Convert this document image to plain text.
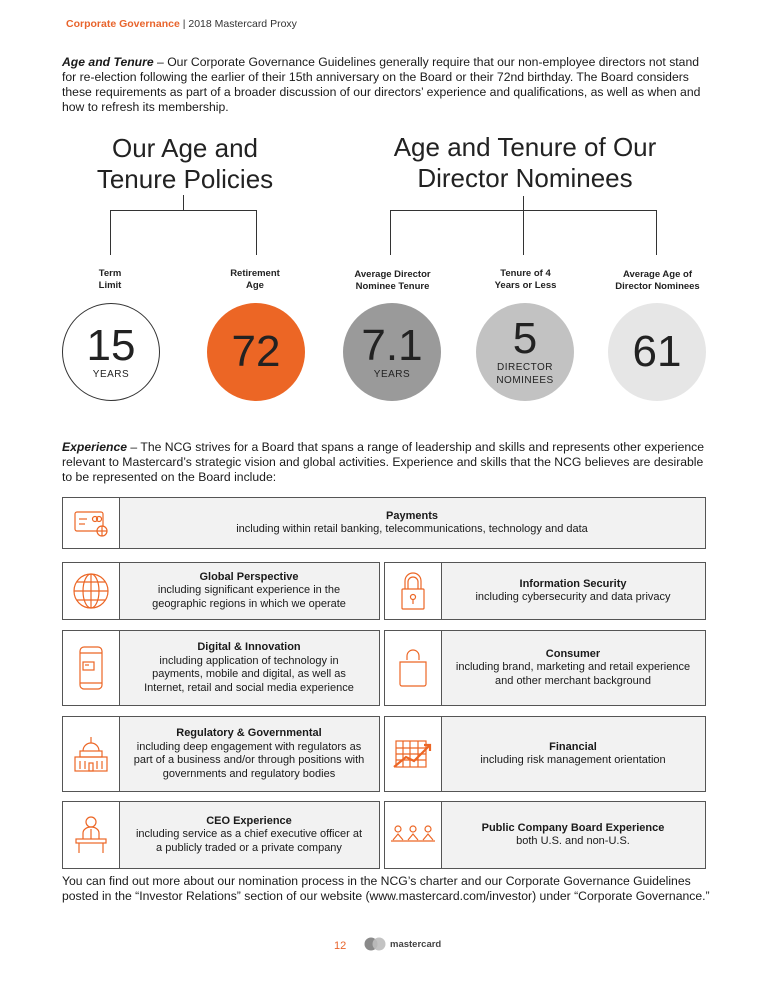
Corporate Governance | 2018 Mastercard Proxy
Age and Tenure – Our Corporate Governance Guidelines generally require that our non-employee directors not stand for re-election following the earlier of their 15th anniversary on the Board or their 72nd birthday. The Board considers these requirements as part of a broader discussion of our directors’ experience and qualifications, as well as when and how to refresh its membership.
Our Age and
Tenure Policies
Age and Tenure of Our
Director Nominees
Term
Limit
Retirement
Age
Average Director
Nominee Tenure
Tenure of 4
Years or Less
Average Age of
Director Nominees
15
YEARS 72 7.1
YEARS
5
DIRECTOR
NOMINEES
61
Experience – The NCG strives for a Board that spans a range of leadership and skills and represents other experience relevant to Mastercard’s strategic vision and global activities. Experience and skills that the NCG believes are desirable to be represented on the Board include:
Payments
including within retail banking, telecommunications, technology and data
Global Perspective
including significant experience in the geographic regions in which we operate
Information Security
including cybersecurity and data privacy
Digital & Innovation
including application of technology in payments, mobile and digital, as well as Internet, retail and social media experience
Consumer
including brand, marketing and retail experience and other merchant background
Regulatory & Governmental
including deep engagement with regulators as part of a business and/or through positions with governments and regulatory bodies
Financial
including risk management orientation
CEO Experience
including service as a chief executive officer at a publicly traded or a private company
Public Company Board Experience
both U.S. and non-U.S.
You can find out more about our nomination process in the NCG’s charter and our Corporate Governance Guidelines posted in the “Investor Relations” section of our website (www.mastercard.com/investor) under “Corporate Governance.”
12	mastercard
